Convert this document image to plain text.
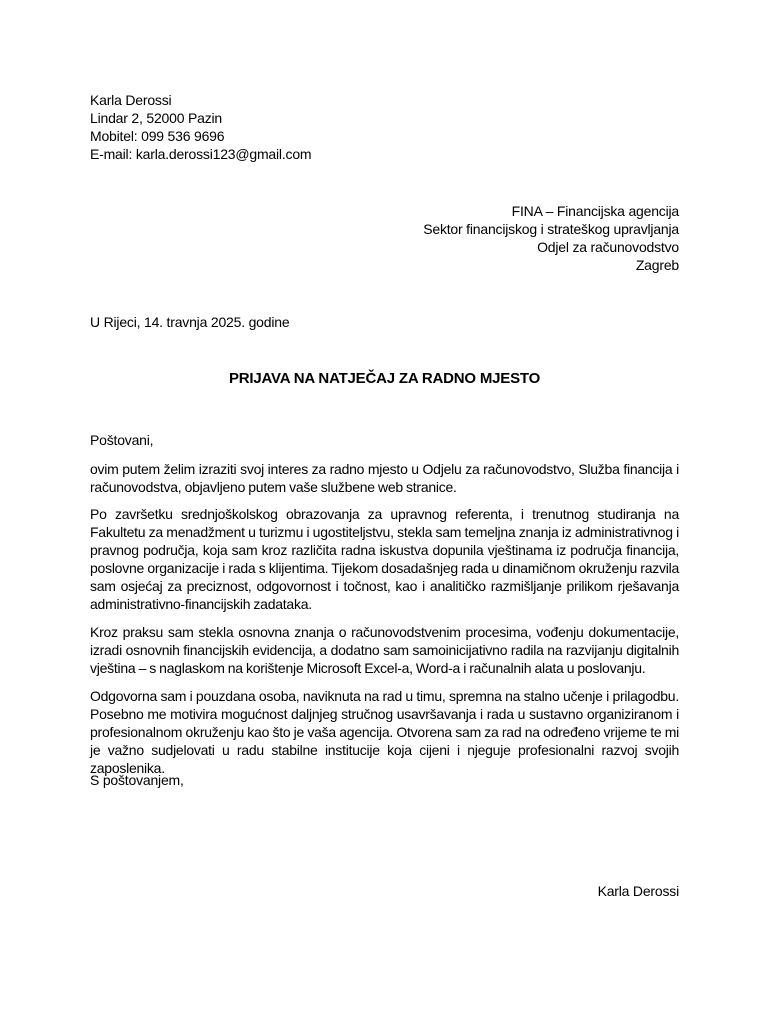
Karla Derossi
Lindar 2, 52000 Pazin
Mobitel: 099 536 9696
E-mail: karla.derossi123@gmail.com
FINA – Financijska agencija
Sektor financijskog i strateškog upravljanja
Odjel za računovodstvo
Zagreb
U Rijeci, 14. travnja 2025. godine
PRIJAVA NA NATJEČAJ ZA RADNO MJESTO
Poštovani,

ovim putem želim izraziti svoj interes za radno mjesto u Odjelu za računovodstvo, Služba financija i računovodstva, objavljeno putem vaše službene web stranice.

Po završetku srednjoškolskog obrazovanja za upravnog referenta, i trenutnog studiranja na Fakultetu za menadžment u turizmu i ugostiteljstvu, stekla sam temeljna znanja iz administrativnog i pravnog područja, koja sam kroz različita radna iskustva dopunila vještinama iz područja financija, poslovne organizacije i rada s klijentima. Tijekom dosadašnjeg rada u dinamičnom okruženju razvila sam osjećaj za preciznost, odgovornost i točnost, kao i analitičko razmišljanje prilikom rješavanja administrativno-financijskih zadataka.

Kroz praksu sam stekla osnovna znanja o računovodstvenim procesima, vođenju dokumentacije, izradi osnovnih financijskih evidencija, a dodatno sam samoinicijativno radila na razvijanju digitalnih vještina – s naglaskom na korištenje Microsoft Excel-a, Word-a i računalnih alata u poslovanju.

Odgovorna sam i pouzdana osoba, naviknuta na rad u timu, spremna na stalno učenje i prilagodbu. Posebno me motivira mogućnost daljnjeg stručnog usavršavanja i rada u sustavno organiziranom i profesionalnom okruženju kao što je vaša agencija. Otvorena sam za rad na određeno vrijeme te mi je važno sudjelovati u radu stabilne institucije koja cijeni i njeguje profesionalni razvoj svojih zaposlenika.

S poštovanjem,
Karla Derossi
